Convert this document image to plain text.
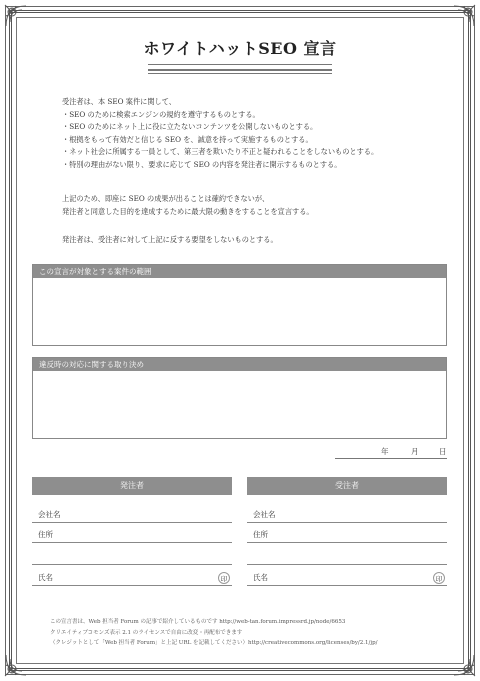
ホワイトハットSEO 宣言

受注者は、本 SEO 案件に関して、

・ SEO のために検索エンジンの規約を遵守するものとする。
・ SEO のためにネット上に役に立たないコンテンツを公開しないものとする。
・ 根拠をもって有効だと信じる SEO を、誠意を持って実施するものとする。
・ ネット社会に所属する一員として、第三者を欺いたり不正と疑われることをしないものとする。
・ 特別の理由がない限り、要求に応じて SEO の内容を発注者に開示するものとする。

上記のため、即座に SEO の成果が出ることは確約できないが、

発注者と同意した目的を達成するために最大限の動きをすることを宣言する。

発注者は、受注者に対して上記に反する要望をしないものとする。

この宣言が対象とする案件の範囲
違反時の対応に関する取り決め
年	月	日
発注者
会社名
住所
氏名	印
受注者
会社名
住所
氏名	印

この宣言書は、Web 担当者 Forum の記事で紹介しているものです http://web-tan.forum.impressrd.jp/node/6653

クリエイティブコモンズ表示 2.1 のライセンスで自由に改変・再配布できます

（クレジットとして「Web 担当者 Forum」と上記 URL を記載してください）http://creativecommons.org/licenses/by/2.1/jp/
